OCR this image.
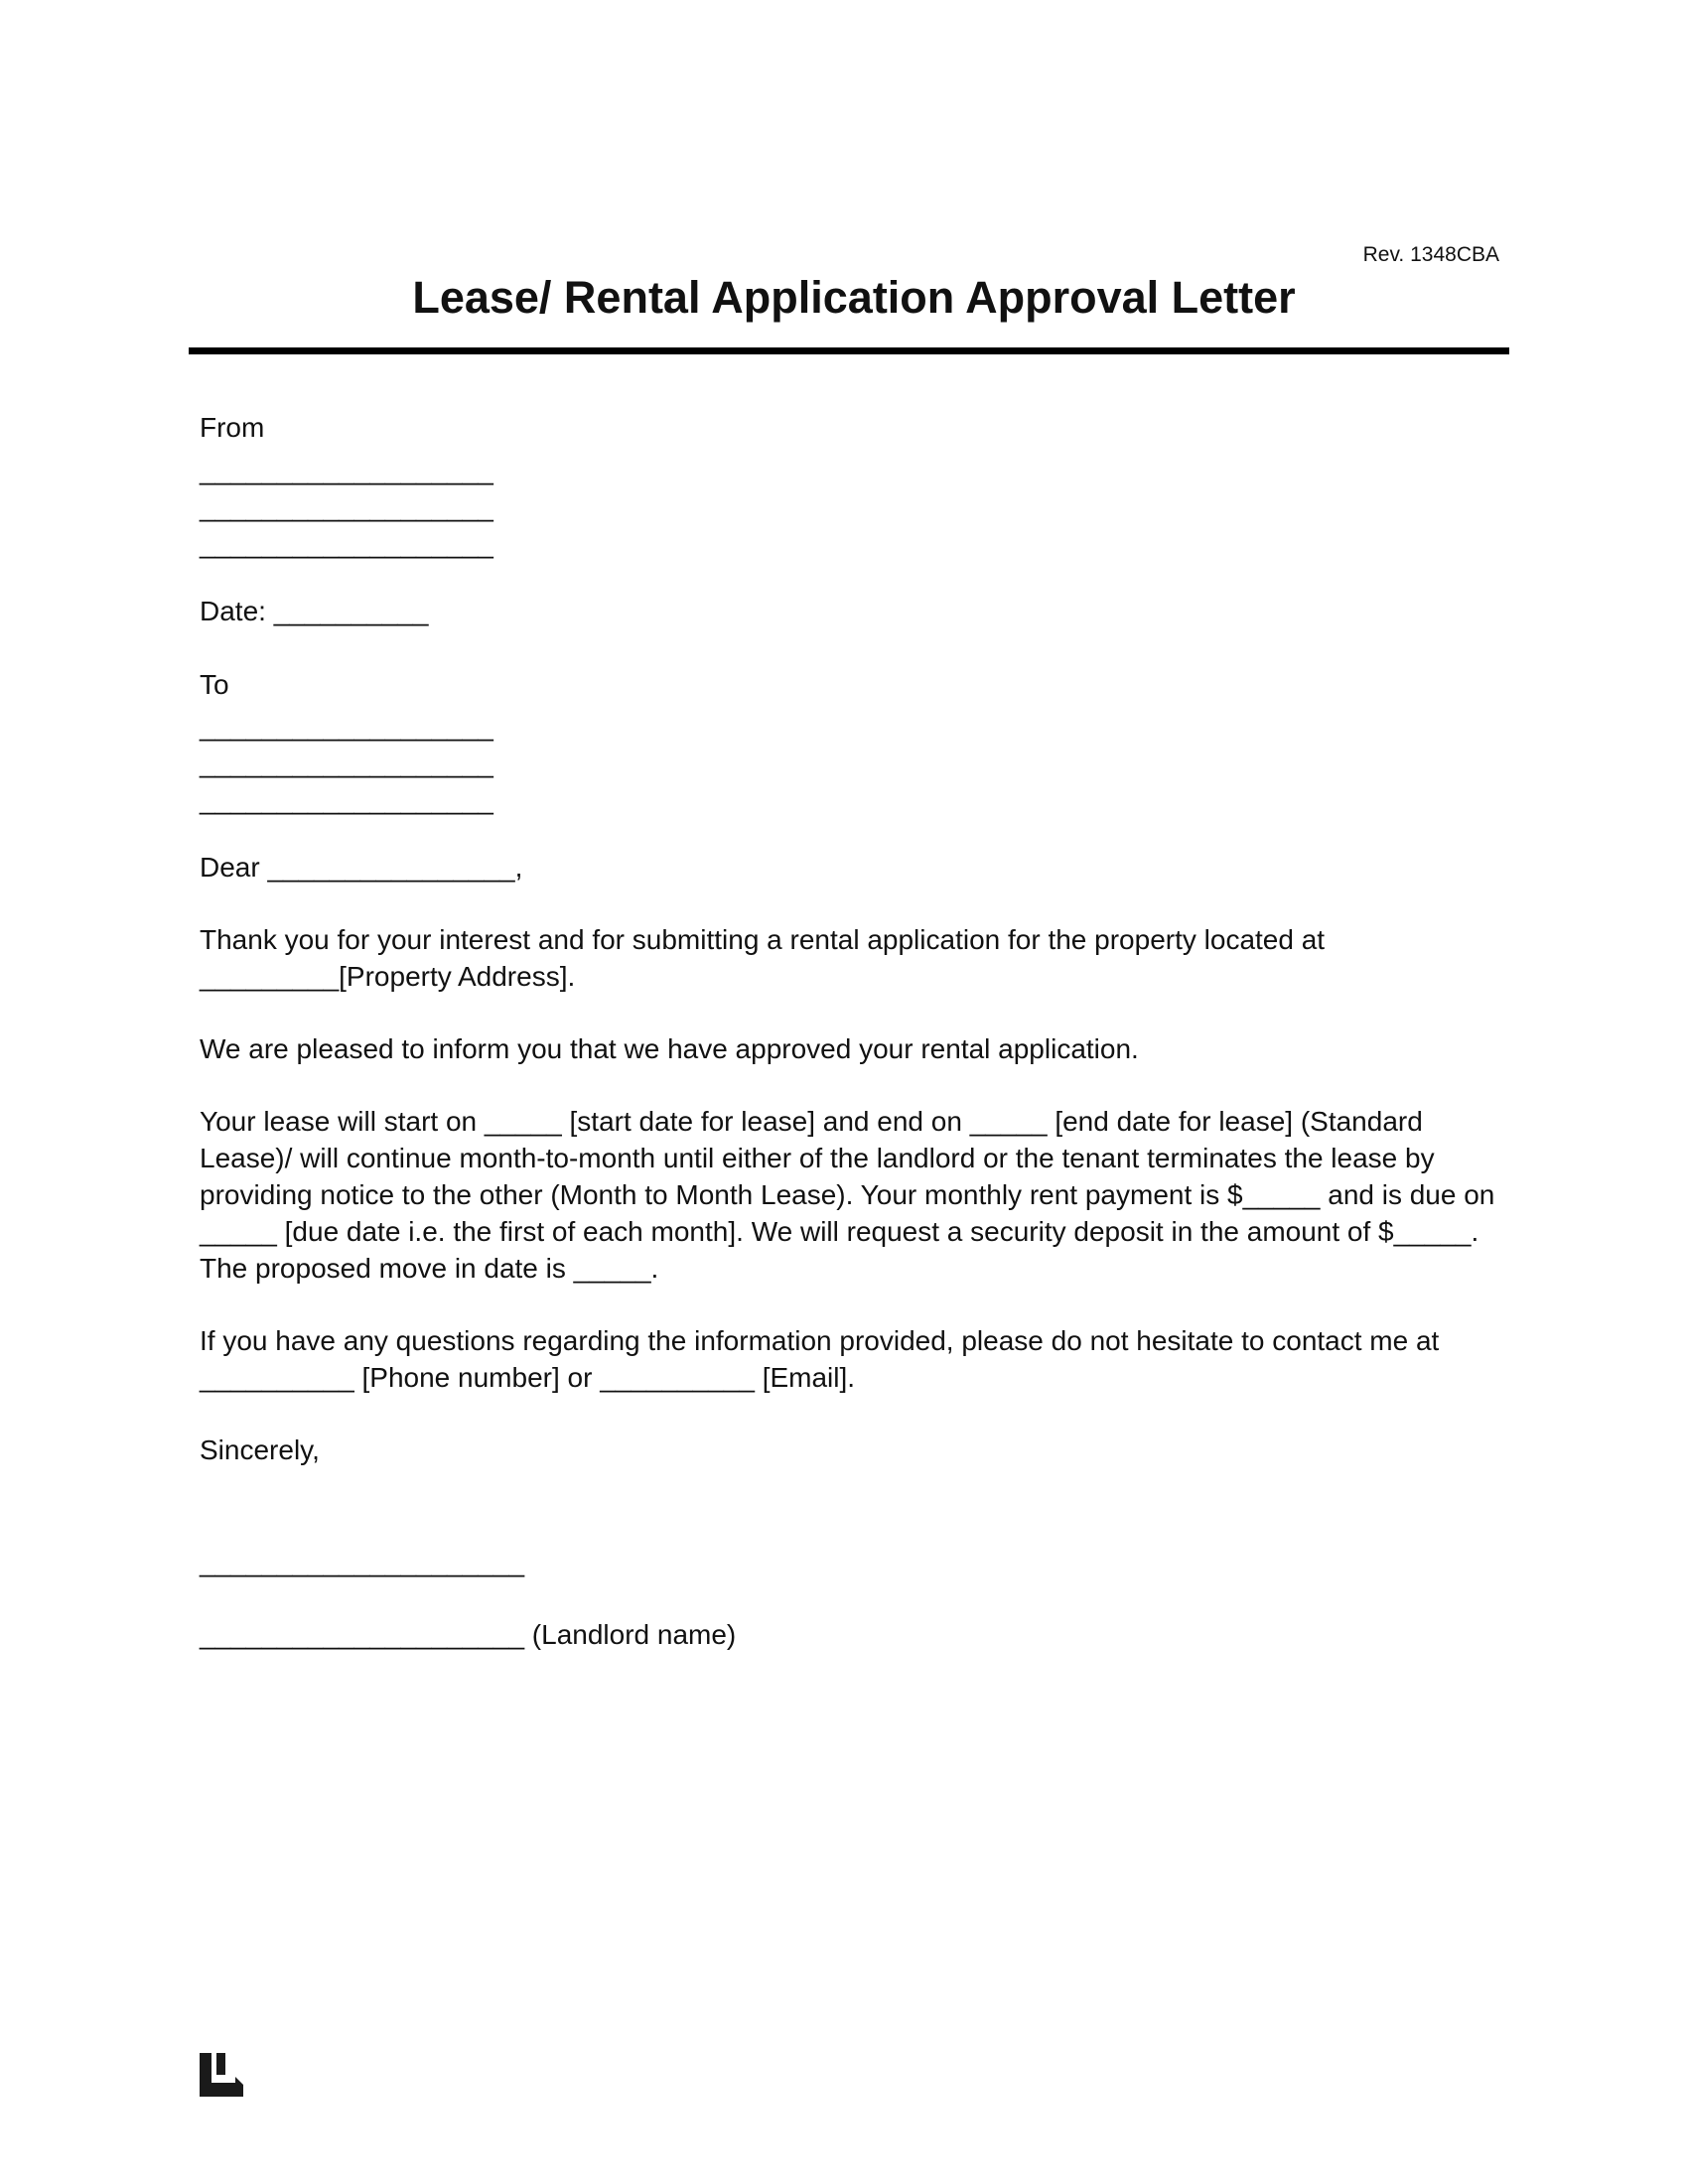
Rev. 1348CBA
Lease/ Rental Application Approval Letter
From
___________________
___________________
___________________
Date: __________
To
___________________
___________________
___________________
Dear ________________,
Thank you for your interest and for submitting a rental application for the property located at
_________[Property Address].
We are pleased to inform you that we have approved your rental application.
Your lease will start on _____ [start date for lease] and end on _____ [end date for lease] (Standard
Lease)/ will continue month-to-month until either of the landlord or the tenant terminates the lease by
providing notice to the other (Month to Month Lease). Your monthly rent payment is $_____ and is due on
_____ [due date i.e. the first of each month]. We will request a security deposit in the amount of $_____.
The proposed move in date is _____.
If you have any questions regarding the information provided, please do not hesitate to contact me at
__________ [Phone number] or __________ [Email].
Sincerely,
_____________________
_____________________ (Landlord name)
